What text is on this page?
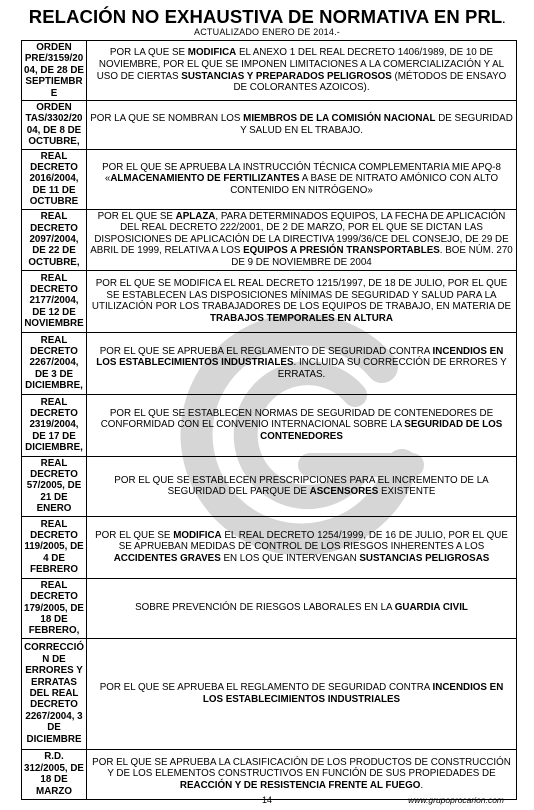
RELACIÓN NO EXHAUSTIVA DE NORMATIVA EN PRL.
ACTUALIZADO ENERO DE 2014.-
ORDEN PRE/3159/2004, DE 28 DE SEPTIEMBRE	POR LA QUE SE MODIFICA EL ANEXO 1 DEL REAL DECRETO 1406/1989, DE 10 DE NOVIEMBRE, POR EL QUE SE IMPONEN LIMITACIONES A LA COMERCIALIZACIÓN Y AL USO DE CIERTAS SUSTANCIAS Y PREPARADOS PELIGROSOS (MÉTODOS DE ENSAYO DE COLORANTES AZOICOS).
ORDEN TAS/3302/2004, DE 8 DE OCTUBRE,	POR LA QUE SE NOMBRAN LOS MIEMBROS DE LA COMISIÓN NACIONAL DE SEGURIDAD Y SALUD EN EL TRABAJO.
REAL DECRETO 2016/2004, DE 11 DE OCTUBRE	POR EL QUE SE APRUEBA LA INSTRUCCIÓN TÉCNICA COMPLEMENTARIA MIE APQ-8 «ALMACENAMIENTO DE FERTILIZANTES A BASE DE NITRATO AMÓNICO CON ALTO CONTENIDO EN NITRÓGENO»
REAL DECRETO 2097/2004, DE 22 DE OCTUBRE,	POR EL QUE SE APLAZA, PARA DETERMINADOS EQUIPOS, LA FECHA DE APLICACIÓN DEL REAL DECRETO 222/2001, DE 2 DE MARZO, POR EL QUE SE DICTAN LAS DISPOSICIONES DE APLICACIÓN DE LA DIRECTIVA 1999/36/CE DEL CONSEJO, DE 29 DE ABRIL DE 1999, RELATIVA A LOS EQUIPOS A PRESIÓN TRANSPORTABLES. BOE NÚM. 270 DE 9 DE NOVIEMBRE DE 2004
REAL DECRETO 2177/2004, DE 12 DE NOVIEMBRE	POR EL QUE SE MODIFICA EL REAL DECRETO 1215/1997, DE 18 DE JULIO, POR EL QUE SE ESTABLECEN LAS DISPOSICIONES MÍNIMAS DE SEGURIDAD Y SALUD PARA LA UTILIZACIÓN POR LOS TRABAJADORES DE LOS EQUIPOS DE TRABAJO, EN MATERIA DE TRABAJOS TEMPORALES EN ALTURA
REAL DECRETO 2267/2004, DE 3 DE DICIEMBRE,	POR EL QUE SE APRUEBA EL REGLAMENTO DE SEGURIDAD CONTRA INCENDIOS EN LOS ESTABLECIMIENTOS INDUSTRIALES. INCLUIDA SU CORRECCIÓN DE ERRORES Y ERRATAS.
REAL DECRETO 2319/2004, DE 17 DE DICIEMBRE,	POR EL QUE SE ESTABLECEN NORMAS DE SEGURIDAD DE CONTENEDORES DE CONFORMIDAD CON EL CONVENIO INTERNACIONAL SOBRE LA SEGURIDAD DE LOS CONTENEDORES
REAL DECRETO 57/2005, DE 21 DE ENERO	POR EL QUE SE ESTABLECEN PRESCRIPCIONES PARA EL INCREMENTO DE LA SEGURIDAD DEL PARQUE DE ASCENSORES EXISTENTE
REAL DECRETO 119/2005, DE 4 DE FEBRERO	POR EL QUE SE MODIFICA EL REAL DECRETO 1254/1999, DE 16 DE JULIO, POR EL QUE SE APRUEBAN MEDIDAS DE CONTROL DE LOS RIESGOS INHERENTES A LOS ACCIDENTES GRAVES EN LOS QUE INTERVENGAN SUSTANCIAS PELIGROSAS
REAL DECRETO 179/2005, DE 18 DE FEBRERO,	SOBRE PREVENCIÓN DE RIESGOS LABORALES EN LA GUARDIA CIVIL
CORRECCIÓN DE ERRORES Y ERRATAS DEL REAL DECRETO 2267/2004, 3 DE DICIEMBRE	POR EL QUE SE APRUEBA EL REGLAMENTO DE SEGURIDAD CONTRA INCENDIOS EN LOS ESTABLECIMIENTOS INDUSTRIALES
R.D. 312/2005, DE 18 DE MARZO	POR EL QUE SE APRUEBA LA CLASIFICACIÓN DE LOS PRODUCTOS DE CONSTRUCCIÓN Y DE LOS ELEMENTOS CONSTRUCTIVOS EN FUNCIÓN DE SUS PROPIEDADES DE REACCIÓN Y DE RESISTENCIA FRENTE AL FUEGO.
14	www.grupoprocarion.com
